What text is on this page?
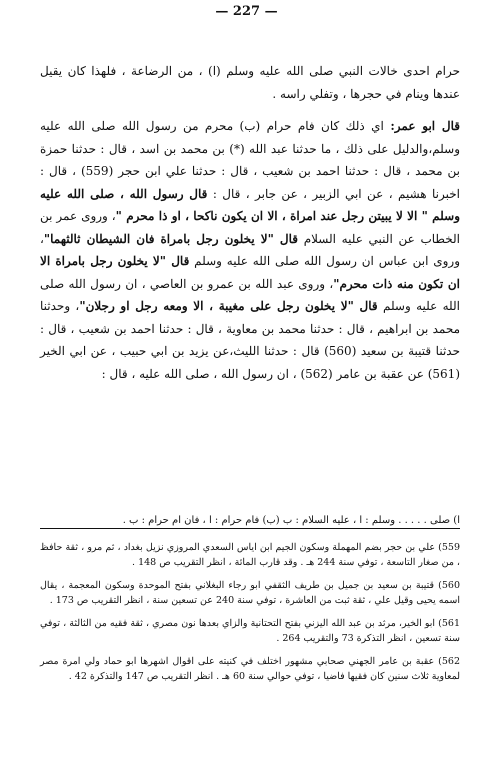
— 227 —

حرام احدى خالات النبي صلى الله عليه وسلم (ا) ، من الرضاعة ، فلهذا كان يقيل عندها وينام في حجرها ، وتفلي راسه .

قال ابو عمر: اي ذلك كان فام حرام (ب) محرم من رسول الله صلى الله عليه وسلم،والدليل على ذلك ، ما حدثنا عبد الله (*) بن محمد بن اسد ، قال : حدثنا حمزة بن محمد ، قال : حدثنا احمد بن شعيب ، قال : حدثنا علي ابن حجر (559) ، قال : اخبرنا هشيم ، عن ابي الزبير ، عن جابر ، قال : قال رسول الله ، صلى الله عليه وسلم " الا لا يبيتن رجل عند امراة ، الا ان يكون ناكحا ، او ذا محرم "، وروى عمر بن الخطاب عن النبي عليه السلام قال "لا يخلون رجل بامراة فان الشيطان ثالثهما"، وروى ابن عباس ان رسول الله صلى الله عليه وسلم قال "لا يخلون رجل بامراة الا ان تكون منه ذات محرم"، وروى عبد الله بن عمرو بن العاصي ، ان رسول الله صلى الله عليه وسلم قال "لا يخلون رجل على مغيبة ، الا ومعه رجل او رجلان"، وحدثنا محمد بن ابراهيم ، قال : حدثنا محمد بن معاوية ، قال : حدثنا احمد بن شعيب ، قال : حدثنا قتيبة بن سعيد (560) قال : حدثنا الليث،عن يزيد بن ابي حبيب ، عن ابي الخير (561) عن عقبة بن عامر (562) ، ان رسول الله ، صلى الله عليه ، قال :

ا) صلى . . . . . وسلم : ا ، عليه السلام : ب (ب) فام حرام : ا ، فان ام حرام : ب .
559) علي بن حجر بضم المهملة وسكون الجيم ابن اياس السعدي المروزي نزيل بغداد ، ثم مرو ، ثقة حافظ ، من صغار التاسعة ، توفي سنة 244 هـ . وقد قارب المائة ، انظر التقريب ص 148 .
560) قتيبة بن سعيد بن جميل بن طريف الثقفي ابو رجاء البغلاني بفتح الموحدة وسكون المعجمة ، يقال اسمه يحيى وقيل علي ، ثقة ثبت من العاشرة ، توفي سنة 240 عن تسعين سنة ، انظر التقريب ص 173 .
561) ابو الخير، مرثد بن عبد الله اليزني بفتح التحتانية والزاي بعدها نون مصري ، ثقة فقيه من الثالثة ، توفي سنة تسعين ، انظر التذكرة 73 والتقريب 264 .
562) عقبة بن عامر الجهني صحابي مشهور اختلف في كنيته على اقوال اشهرها ابو حماد ولي امرة مصر لمعاوية ثلاث سنين كان فقيها فاضيا ، توفي حوالي سنة 60 هـ . انظر التقريب ص 147 والتذكرة 42 .
